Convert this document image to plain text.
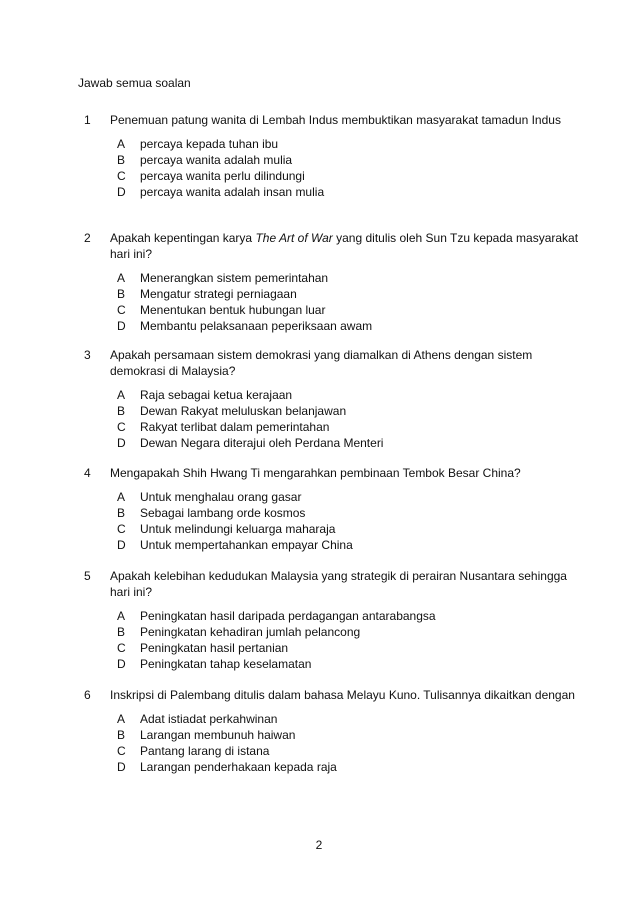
Jawab semua soalan
1	Penemuan patung wanita di Lembah Indus membuktikan masyarakat tamadun Indus
A	percaya kepada tuhan ibu
B	percaya wanita adalah mulia
C	percaya wanita perlu dilindungi
D	percaya wanita adalah insan mulia
2	Apakah kepentingan karya The Art of War yang ditulis oleh Sun Tzu kepada masyarakat hari ini?
A	Menerangkan sistem pemerintahan
B	Mengatur strategi perniagaan
C	Menentukan bentuk hubungan luar
D	Membantu pelaksanaan peperiksaan awam
3	Apakah persamaan sistem demokrasi yang diamalkan di Athens dengan sistem demokrasi di Malaysia?
A	Raja sebagai ketua kerajaan
B	Dewan Rakyat meluluskan belanjawan
C	Rakyat terlibat dalam pemerintahan
D	Dewan Negara diterajui oleh Perdana Menteri
4	Mengapakah Shih Hwang Ti mengarahkan pembinaan Tembok Besar China?
A	Untuk menghalau orang gasar
B	Sebagai lambang orde kosmos
C	Untuk melindungi keluarga maharaja
D	Untuk mempertahankan empayar China
5	Apakah kelebihan kedudukan Malaysia yang strategik di perairan Nusantara sehingga hari ini?
A	Peningkatan hasil daripada perdagangan antarabangsa
B	Peningkatan kehadiran jumlah pelancong
C	Peningkatan hasil pertanian
D	Peningkatan tahap keselamatan
6	Inskripsi di Palembang ditulis dalam bahasa Melayu Kuno. Tulisannya dikaitkan dengan
A	Adat istiadat perkahwinan
B	Larangan membunuh haiwan
C	Pantang larang di istana
D	Larangan penderhakaan kepada raja
2
